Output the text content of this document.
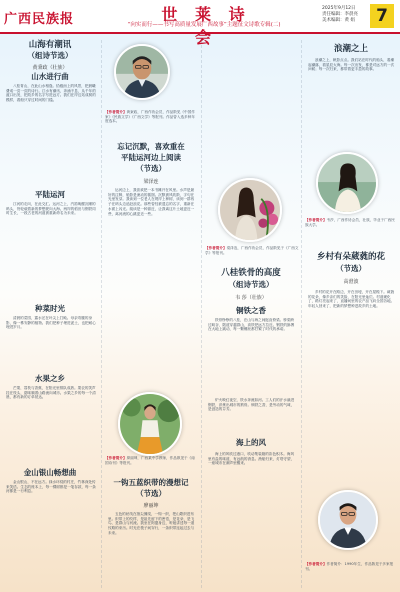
广西民族报	世 莱 诗 会
“向实而行——书写高质量发展广西故事”主题征文诗歌专辑(二)
2025年9月12日
责任编辑：李晨亮
美术编辑：黄 娟	7
山海有潮讯
（组诗节选）
黄秉政（壮族）
山水进行曲

八桂青山，在此山水相逢。拾级而上的风景，把晨曦叠成一页一页的诗行。江水有潮讯，奔涌不息，从千年的渡口出发，把故乡的名字写进远方。我们在岸边站成树的模样，看船只穿过时间的门槛。

平陆运河

江河的走向，在此交汇。运河之上，汽笛唤醒沉睡的码头，货轮载着新的梦想驶向大海。两岸的稻田与钢铁同时生长，一段古老的河道被重新命名为未来。

种菜时光

清晨的菜园，露水还在叶尖上打盹。母亲弯腰的身影，像一株安静的植物。我们把种子埋进泥土，也把耐心埋进岁月。

水果之乡

芒果、荔枝与香蕉，在阳光里排队成熟。果农的笑声挂在枝头，甜味顺着山路流向城市。水果之乡的每一个清晨，都有新的订单抵达。

金山银山畅想曲

金山银山，不在远方。绿水环绕的村庄，竹林深处传来笑语。生态的账本上，每一棵树都是一笔存款，每一条河都是一行利息。

【作者简介】黄秉政，广西作协会员，作品散见《中国作家》《民族文学》《广西文学》等报刊。作品曾入选多种年度选本。
忘记沉默，喜欢重在
平陆运河边上阅读
（节选）
梁泽连

运河边上，我喜欢把一本书摊开在风里。水声是最好的注释，船影是流动的插图。沉默被风吹散，字句在光里发芽。我读到一位老人在堤岸上种树，读到一群孩子在码头边追赶浪花。那些曾经被遗忘的名字，重新在水面上闪光。阅读是一种靠近，让我离这片土地更近一些，离河流的心跳更近一些。

【作者简介】廖丽坤，广西某中学教师，作品散见于《南国诗刊》等报刊。
一钩五蓝织带的漫想记
（节选）
廖丽坤

五色的丝线在指尖缠绕，一钩一织，把山歌织进布里。织带上的纹样，是祖先留下的密语，是花朵、是飞鸟、是群山与河流。我坐在阿婆身边，听她讲述每一道纹路的来历。时光在梭子间穿行，一条织带连起过去与未来。

【作者简介】梁泽连，广西作协会员，作品散见于《广西文学》等报刊。
八桂铁骨的高度
（组诗节选）
韦 莎（壮族）
铜铁之香

铁骨铮铮的八桂，在山与海之间挺直脊梁。桥梁跨过峡谷，隧道穿越群山，高铁把远方拉近。钢铁的脉搏在大地上跳动，每一颗螺丝都拧紧了时代的承诺。

炉火映红夜空，铁水奔流如河。工人们的汗水滴进钢铁，淬炼出城市的筋骨。铜铁之香，是劳动的气味，是创造的芬芳。

海上的风

海上的风吹过港口，吹动集装箱的彩色积木。海风里有盐的味道，有远航的消息。渔船归来，灯塔守望，一座城市在潮声里醒来。

浪潮之上

浪潮之上，帆影点点。我们站在时代的船头，看潮起潮落，看星辰大海。每一次出发，都是对远方的一次问候；每一次归来，都带着更丰盈的故事。

【作者简介】韦莎，广西作协会员，壮族，毕业于广西民族大学。
乡村有朵葳蕤的花
（节选）
高澄波

乡村的花开在路边，开在田埂，开在屋檐下。葳蕤的花朵，像乡亲们的笑脸，在阳光里灿烂。村道硬化了，路灯亮起来了，直播间里的农产品飞向全国各地。年轻人回来了，把新的梦想种进故乡的土地。

【作者简介】作者简介：1990年生，作品散见于多家报刊。
